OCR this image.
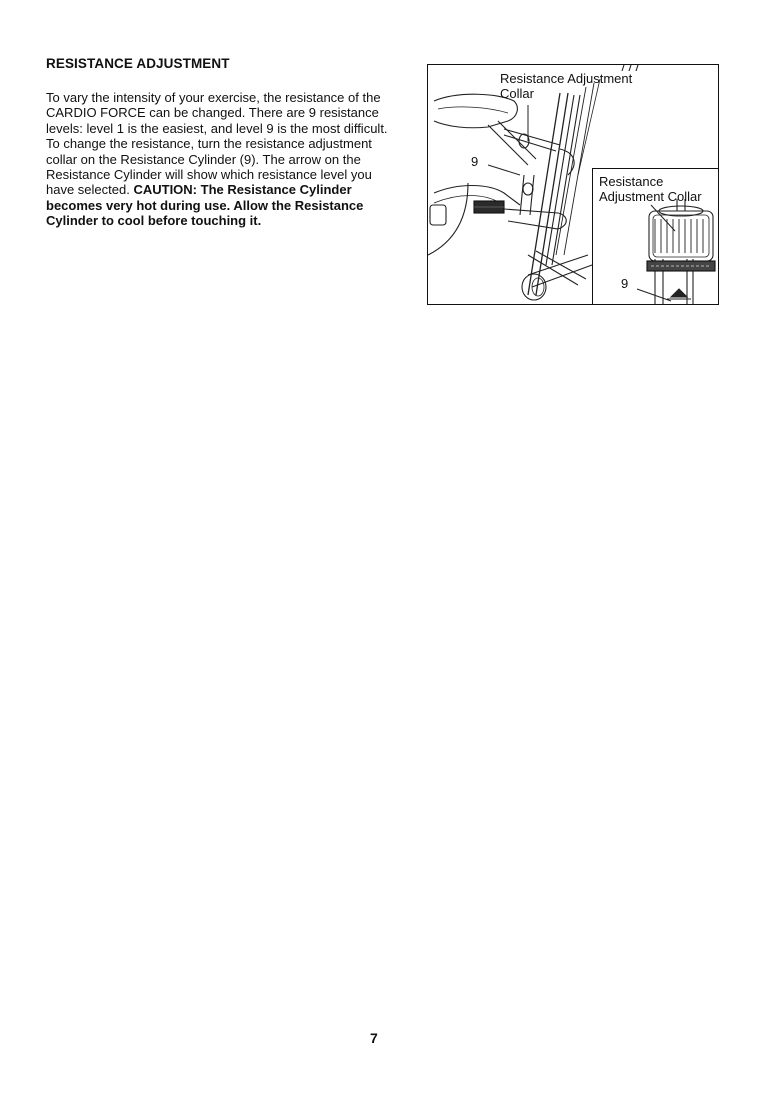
RESISTANCE ADJUSTMENT

To vary the intensity of your exercise, the resistance of the CARDIO FORCE can be changed. There are 9 resistance levels: level 1 is the easiest, and level 9 is the most difficult. To change the resistance, turn the resistance adjustment collar on the Resistance Cylinder (9). The arrow on the Resistance Cylinder will show which resistance level you have selected. CAUTION: The Resistance Cylinder becomes very hot during use. Allow the Resistance Cylinder to cool before touching it.

Resistance Adjustment
Collar
9
Resistance
Adjustment Collar
9
7
